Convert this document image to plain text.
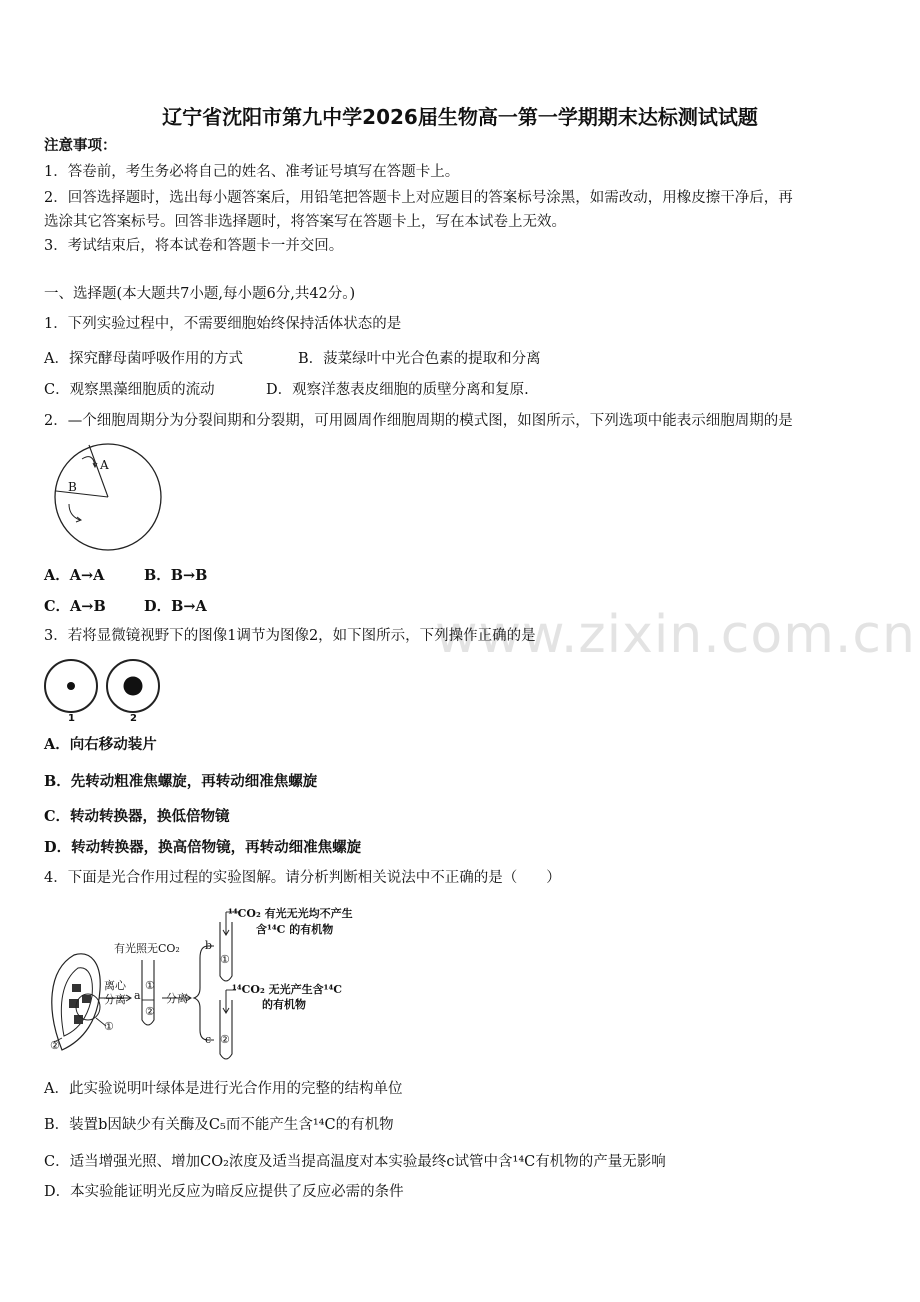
www.zixin.com.cn
辽宁省沈阳市第九中学2026届生物高一第一学期期末达标测试试题
注意事项：
1．答卷前，考生务必将自己的姓名、准考证号填写在答题卡上。
2．回答选择题时，选出每小题答案后，用铅笔把答题卡上对应题目的答案标号涂黑，如需改动，用橡皮擦干净后，再
选涂其它答案标号。回答非选择题时，将答案写在答题卡上，写在本试卷上无效。
3．考试结束后，将本试卷和答题卡一并交回。
一、选择题(本大题共7小题,每小题6分,共42分。)
1．下列实验过程中，不需要细胞始终保持活体状态的是
A．探究酵母菌呼吸作用的方式	B．菠菜绿叶中光合色素的提取和分离
C．观察黑藻细胞质的流动	D．观察洋葱表皮细胞的质壁分离和复原.
2．—个细胞周期分为分裂间期和分裂期，可用圆周作细胞周期的模式图，如图所示，下列选项中能表示细胞周期的是
A
B
A．A→A	B．B→B
C．A→B	D．B→A
3．若将显微镜视野下的图像1调节为图像2，如下图所示，下列操作正确的是
1	2
A．向右移动装片
B．先转动粗准焦螺旋，再转动细准焦螺旋
C．转动转换器，换低倍物镜
D．转动转换器，换高倍物镜，再转动细准焦螺旋
4．下面是光合作用过程的实验图解。请分析判断相关说法中不正确的是（　　）
有光照无CO₂
离心
分离 a
①
②
分离
b
①
c ②
①
②
¹⁴CO₂ 有光无光均不产生
含¹⁴C 的有机物
¹⁴CO₂ 无光产生含¹⁴C
的有机物
A．此实验说明叶绿体是进行光合作用的完整的结构单位
B．装置b因缺少有关酶及C₅而不能产生含¹⁴C的有机物
C．适当增强光照、增加CO₂浓度及适当提高温度对本实验最终c试管中含¹⁴C有机物的产量无影响
D．本实验能证明光反应为暗反应提供了反应必需的条件
